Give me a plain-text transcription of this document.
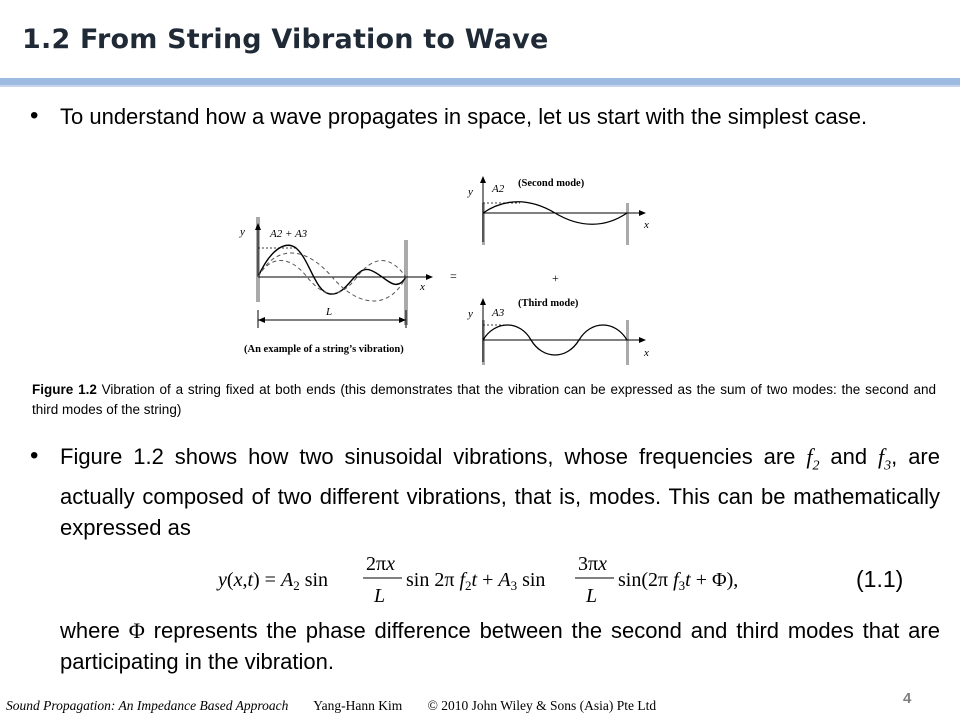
1.2 From String Vibration to Wave
• To understand how a wave propagates in space, let us start with the simplest case.
y A2 + A3
x
L
(An example of a string’s vibration)
=	+
y A2 (Second mode)
x
y A3
(Third mode)
x
Figure 1.2 Vibration of a string fixed at both ends (this demonstrates that the vibration can be expressed as the sum of two modes: the second and third modes of the string)
• Figure 1.2 shows how two sinusoidal vibrations, whose frequencies are $f_2$ and $f_3$, are actually composed of two different vibrations, that is, modes. This can be mathematically expressed as
$y(x,t) = A_2$ sin
2πx
L
sin 2π $f_2t + A_3$ sin
3πx
L
sin(2π $f_3t + \Phi$),	(1.1)
where Φ represents the phase difference between the second and third modes that are participating in the vibration.
Sound Propagation: An Impedance Based Approach Yang-Hann Kim © 2010 John Wiley & Sons (Asia) Pte Ltd	4
